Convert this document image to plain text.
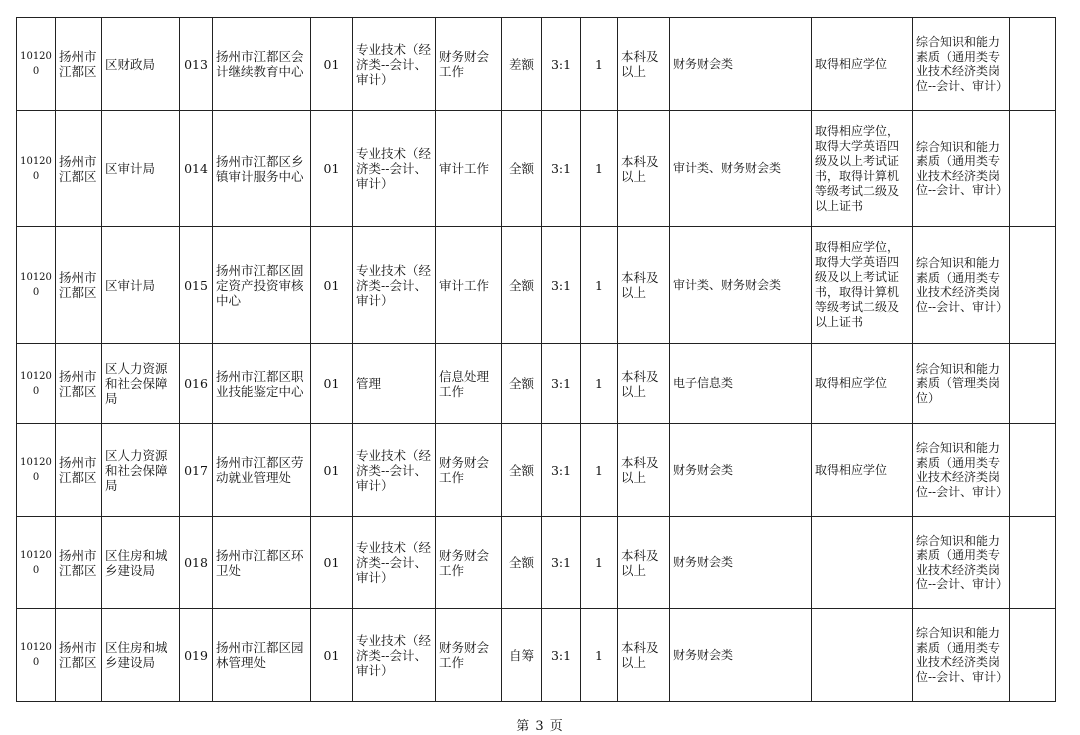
101200	扬州市江都区	区财政局	013	扬州市江都区会计继续教育中心	01	专业技术（经济类--会计、审计）	财务财会工作	差额	3:1	1	本科及以上	财务财会类	取得相应学位	综合知识和能力素质（通用类专业技术经济类岗位--会计、审计）	
101200	扬州市江都区	区审计局	014	扬州市江都区乡镇审计服务中心	01	专业技术（经济类--会计、审计）	审计工作	全额	3:1	1	本科及以上	审计类、财务财会类	取得相应学位，取得大学英语四级及以上考试证书，取得计算机等级考试二级及以上证书	综合知识和能力素质（通用类专业技术经济类岗位--会计、审计）	
101200	扬州市江都区	区审计局	015	扬州市江都区固定资产投资审核中心	01	专业技术（经济类--会计、审计）	审计工作	全额	3:1	1	本科及以上	审计类、财务财会类	取得相应学位，取得大学英语四级及以上考试证书，取得计算机等级考试二级及以上证书	综合知识和能力素质（通用类专业技术经济类岗位--会计、审计）	
101200	扬州市江都区	区人力资源和社会保障局	016	扬州市江都区职业技能鉴定中心	01	管理	信息处理工作	全额	3:1	1	本科及以上	电子信息类	取得相应学位	综合知识和能力素质（管理类岗位）	
101200	扬州市江都区	区人力资源和社会保障局	017	扬州市江都区劳动就业管理处	01	专业技术（经济类--会计、审计）	财务财会工作	全额	3:1	1	本科及以上	财务财会类	取得相应学位	综合知识和能力素质（通用类专业技术经济类岗位--会计、审计）	
101200	扬州市江都区	区住房和城乡建设局	018	扬州市江都区环卫处	01	专业技术（经济类--会计、审计）	财务财会工作	全额	3:1	1	本科及以上	财务财会类		综合知识和能力素质（通用类专业技术经济类岗位--会计、审计）	
101200	扬州市江都区	区住房和城乡建设局	019	扬州市江都区园林管理处	01	专业技术（经济类--会计、审计）	财务财会工作	自筹	3:1	1	本科及以上	财务财会类		综合知识和能力素质（通用类专业技术经济类岗位--会计、审计）	
第 3 页
